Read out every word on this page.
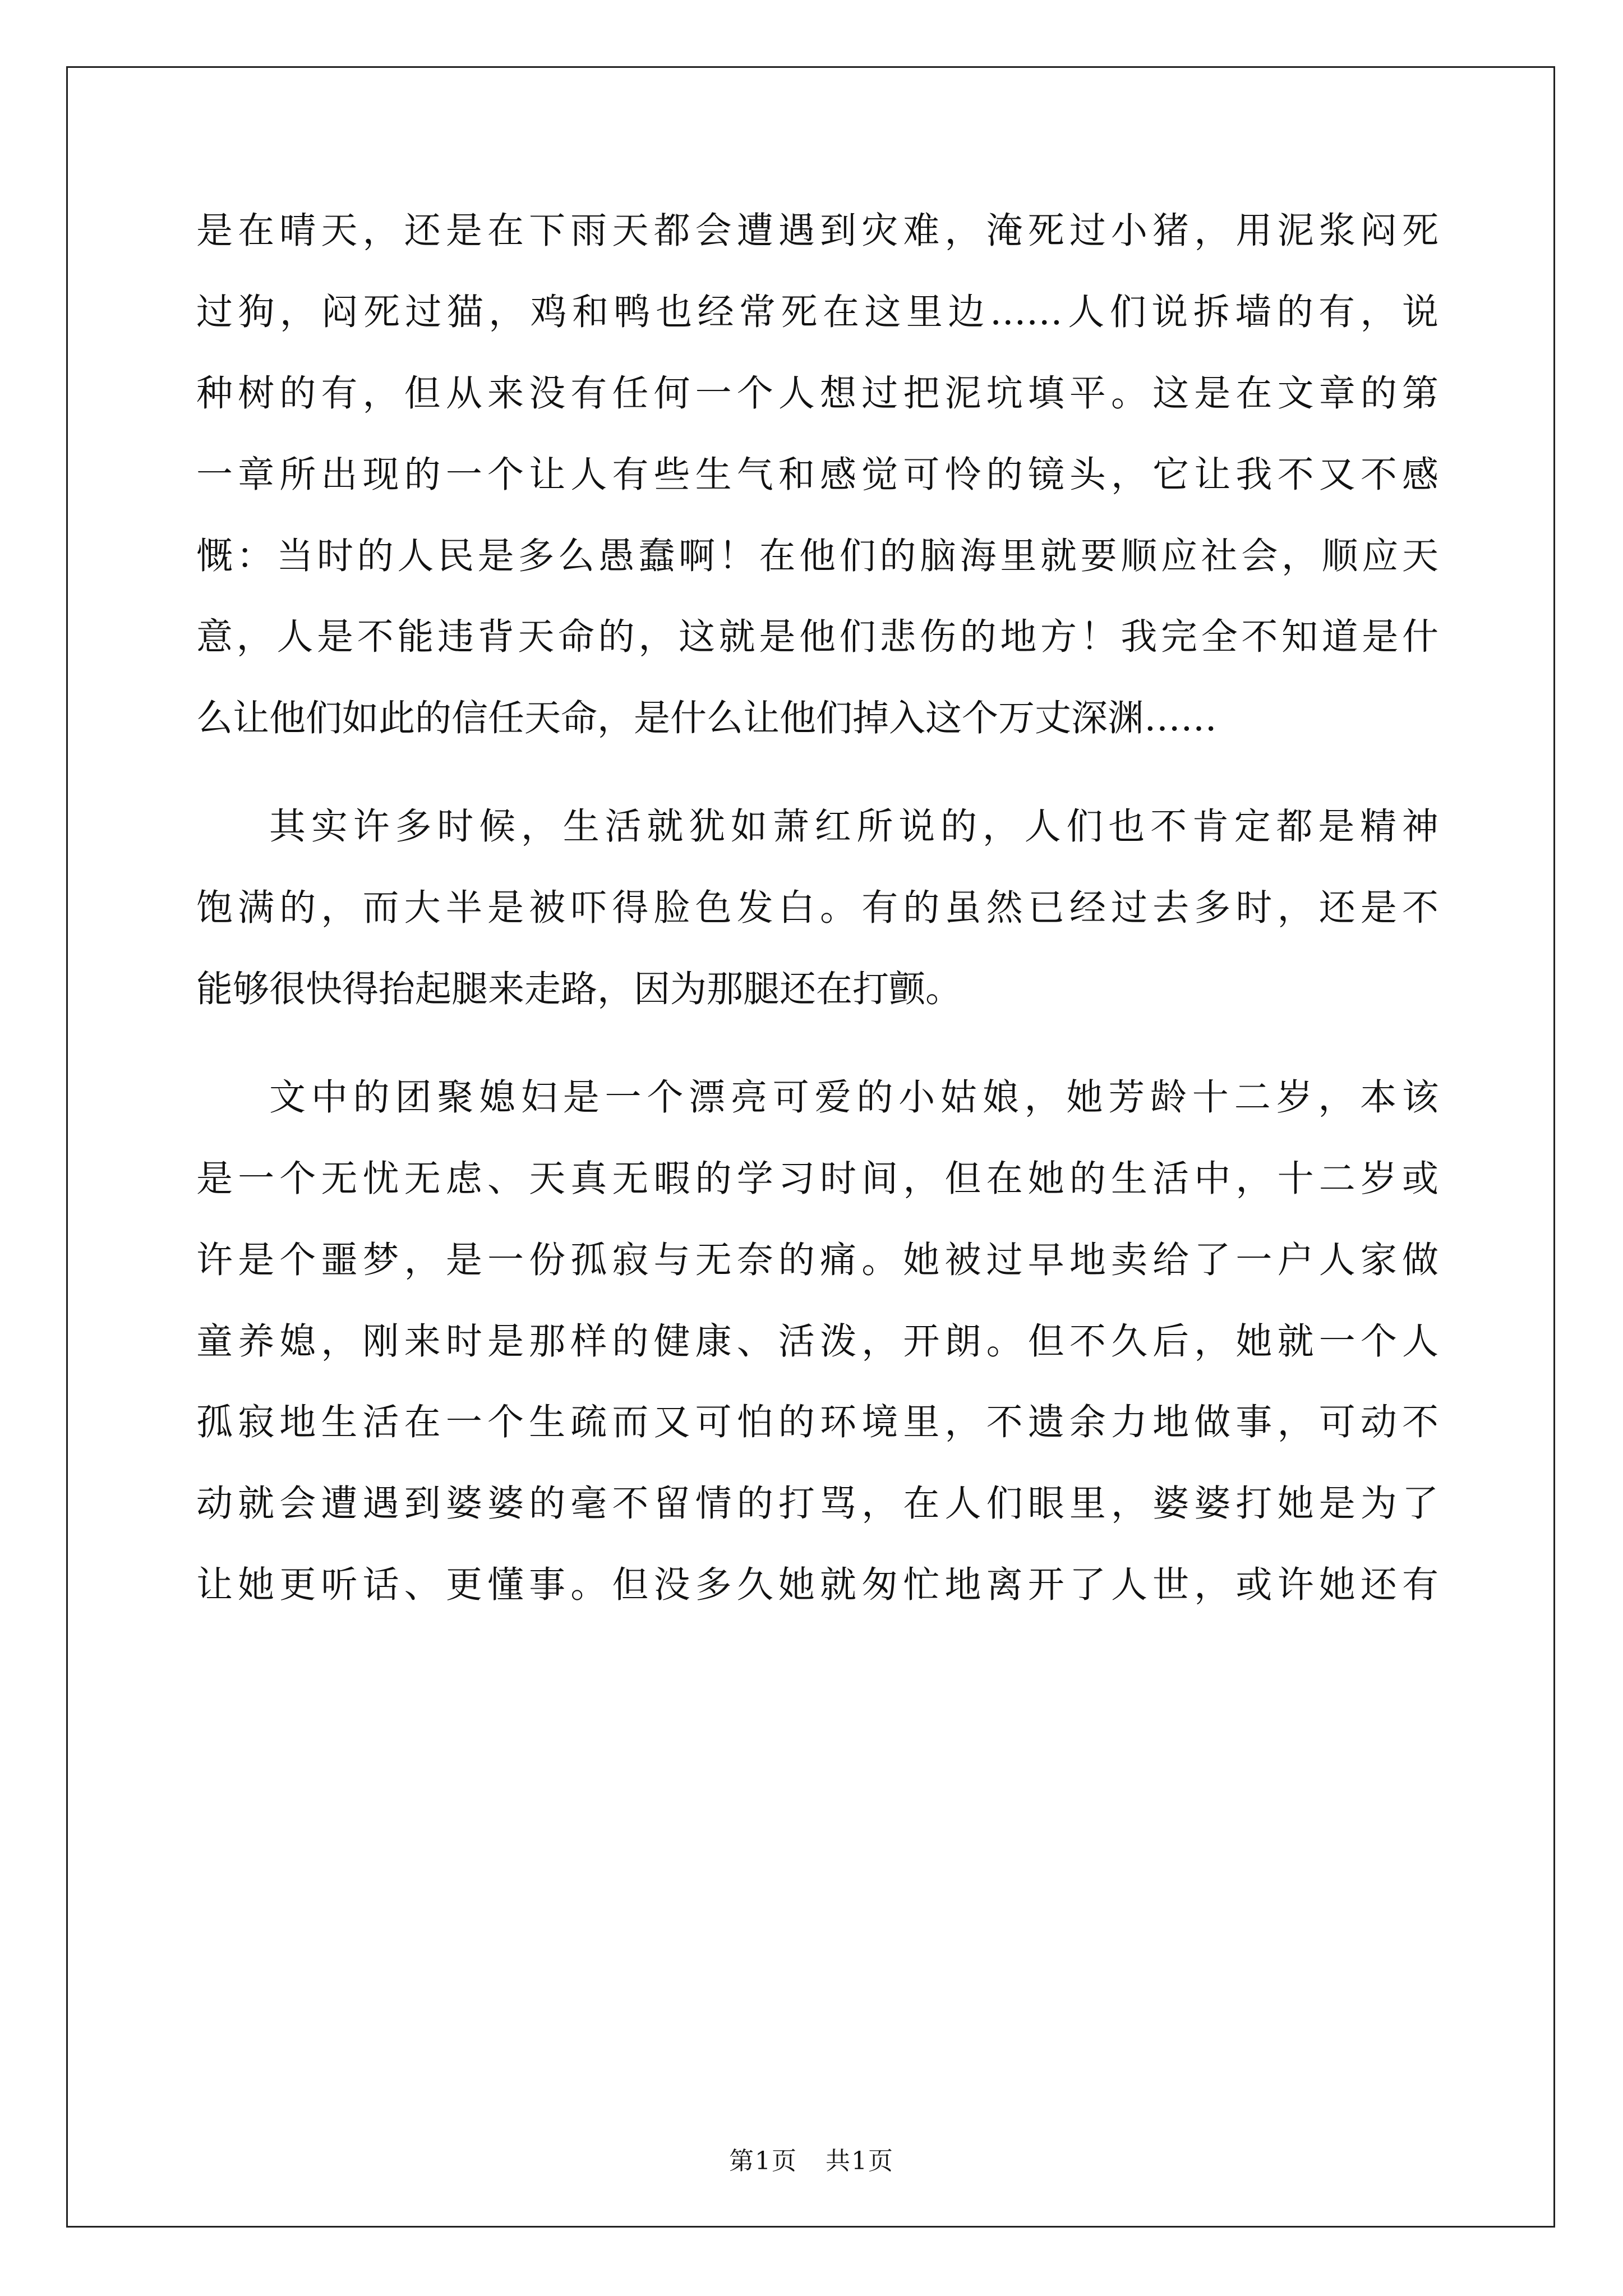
是在晴天，还是在下雨天都会遭遇到灾难，淹死过小猪，用泥浆闷死
过狗，闷死过猫，鸡和鸭也经常死在这里边……人们说拆墙的有，说
种树的有，但从来没有任何一个人想过把泥坑填平。这是在文章的第
一章所出现的一个让人有些生气和感觉可怜的镜头，它让我不又不感
慨：当时的人民是多么愚蠢啊！在他们的脑海里就要顺应社会，顺应天
意，人是不能违背天命的，这就是他们悲伤的地方！我完全不知道是什
么让他们如此的信任天命，是什么让他们掉入这个万丈深渊……
其实许多时候，生活就犹如萧红所说的，人们也不肯定都是精神
饱满的，而大半是被吓得脸色发白。有的虽然已经过去多时，还是不
能够很快得抬起腿来走路，因为那腿还在打颤。
文中的团聚媳妇是一个漂亮可爱的小姑娘，她芳龄十二岁，本该
是一个无忧无虑、天真无暇的学习时间，但在她的生活中，十二岁或
许是个噩梦，是一份孤寂与无奈的痛。她被过早地卖给了一户人家做
童养媳，刚来时是那样的健康、活泼，开朗。但不久后，她就一个人
孤寂地生活在一个生疏而又可怕的环境里，不遗余力地做事，可动不
动就会遭遇到婆婆的毫不留情的打骂，在人们眼里，婆婆打她是为了
让她更听话、更懂事。但没多久她就匆忙地离开了人世，或许她还有
第1页 共1页
